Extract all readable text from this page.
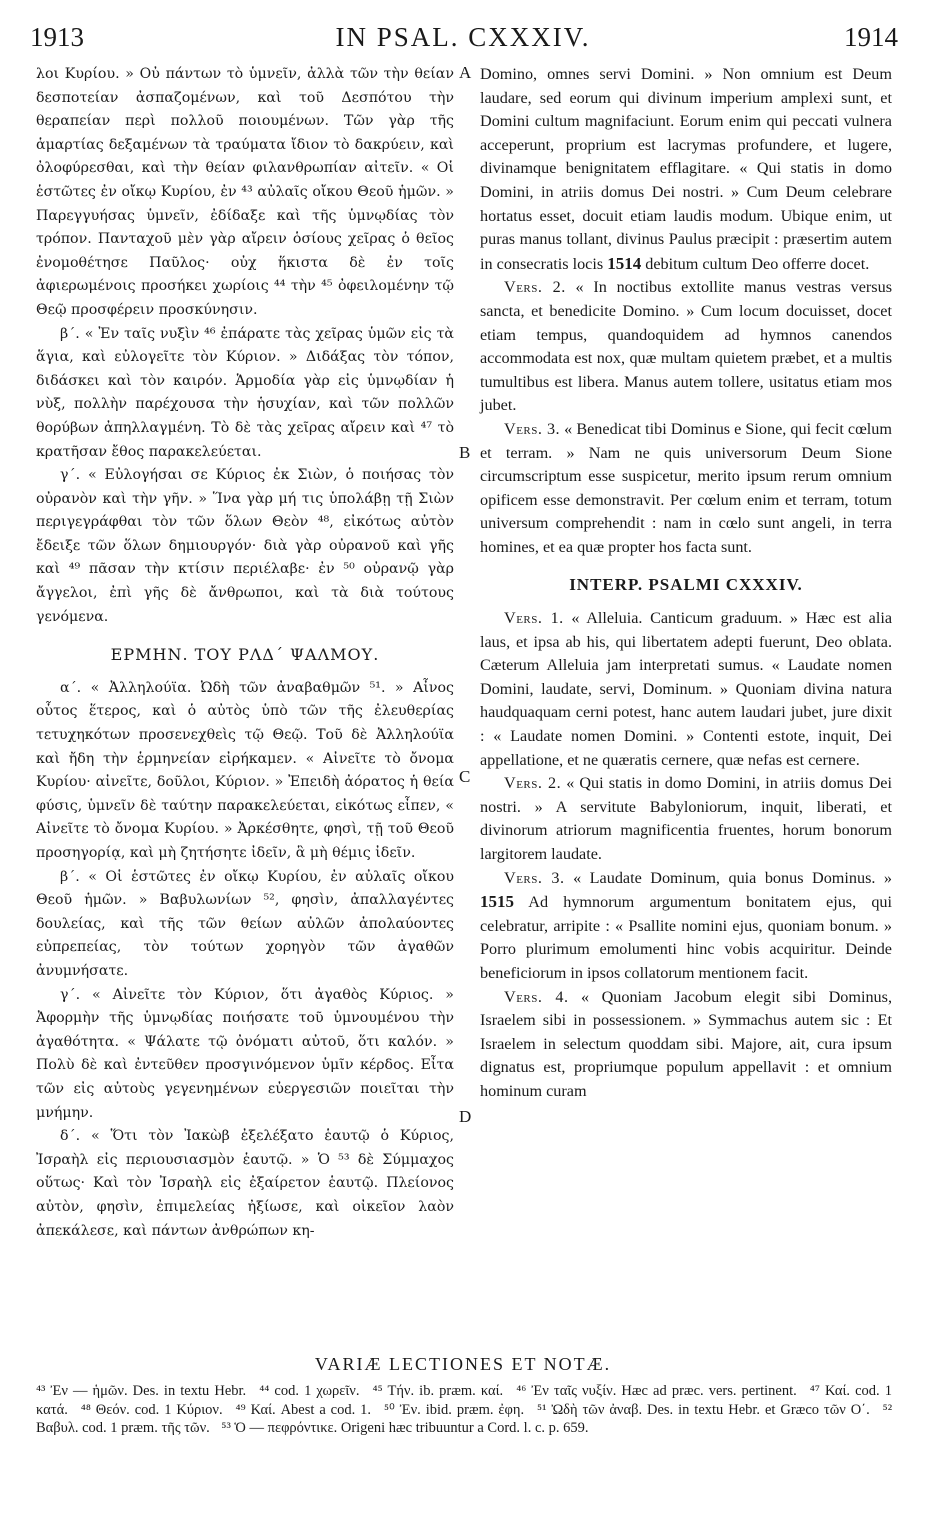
1913	IN PSAL. CXXXIV.	1914
A
B
C
D

λοι Κυρίου. » Οὐ πάντων τὸ ὑμνεῖν, ἀλλὰ τῶν τὴν θείαν δεσποτείαν ἀσπαζομένων, καὶ τοῦ Δεσπότου τὴν θεραπείαν περὶ πολλοῦ ποιουμένων. Τῶν γὰρ τῆς ἁμαρτίας δεξαμένων τὰ τραύματα ἴδιον τὸ δακρύειν, καὶ ὀλοφύρεσθαι, καὶ τὴν θείαν φιλανθρωπίαν αἰτεῖν. « Οἱ ἑστῶτες ἐν οἴκῳ Κυρίου, ἐν ⁴³ αὐλαῖς οἴκου Θεοῦ ἡμῶν. » Παρεγγυήσας ὑμνεῖν, ἐδίδαξε καὶ τῆς ὑμνῳδίας τὸν τρόπον. Πανταχοῦ μὲν γὰρ αἴρειν ὁσίους χεῖρας ὁ θεῖος ἐνομοθέτησε Παῦλος· οὐχ ἥκιστα δὲ ἐν τοῖς ἀφιερωμένοις προσήκει χωρίοις ⁴⁴ τὴν ⁴⁵ ὀφειλομένην τῷ Θεῷ προσφέρειν προσκύνησιν.

β΄. « Ἐν ταῖς νυξὶν ⁴⁶ ἐπάρατε τὰς χεῖρας ὑμῶν εἰς τὰ ἅγια, καὶ εὐλογεῖτε τὸν Κύριον. » Διδάξας τὸν τόπον, διδάσκει καὶ τὸν καιρόν. Ἁρμοδία γὰρ εἰς ὑμνῳδίαν ἡ νὺξ, πολλὴν παρέχουσα τὴν ἡσυχίαν, καὶ τῶν πολλῶν θορύβων ἀπηλλαγμένη. Τὸ δὲ τὰς χεῖρας αἴρειν καὶ ⁴⁷ τὸ κρατῆσαν ἔθος παρακελεύεται.

γ΄. « Εὐλογήσαι σε Κύριος ἐκ Σιὼν, ὁ ποιήσας τὸν οὐρανὸν καὶ τὴν γῆν. » Ἵνα γὰρ μή τις ὑπολάβῃ τῇ Σιὼν περιγεγράφθαι τὸν τῶν ὅλων Θεὸν ⁴⁸, εἰκότως αὐτὸν ἔδειξε τῶν ὅλων δημιουργόν· διὰ γὰρ οὐρανοῦ καὶ γῆς καὶ ⁴⁹ πᾶσαν τὴν κτίσιν περιέλαβε· ἐν ⁵⁰ οὐρανῷ γὰρ ἄγγελοι, ἐπὶ γῆς δὲ ἄνθρωποι, καὶ τὰ διὰ τούτους γενόμενα.

ΕΡΜΗΝ. ΤΟΥ ΡΛΔ΄ ΨΑΛΜΟΥ.

α΄. « Ἀλληλούϊα. Ὠδὴ τῶν ἀναβαθμῶν ⁵¹. » Αἶνος οὗτος ἕτερος, καὶ ὁ αὐτὸς ὑπὸ τῶν τῆς ἐλευθερίας τετυχηκότων προσενεχθεὶς τῷ Θεῷ. Τοῦ δὲ Ἀλληλούϊα καὶ ἤδη τὴν ἑρμηνείαν εἰρήκαμεν. « Αἰνεῖτε τὸ ὄνομα Κυρίου· αἰνεῖτε, δοῦλοι, Κύριον. » Ἐπειδὴ ἀόρατος ἡ θεία φύσις, ὑμνεῖν δὲ ταύτην παρακελεύεται, εἰκότως εἶπεν, « Αἰνεῖτε τὸ ὄνομα Κυρίου. » Ἀρκέσθητε, φησὶ, τῇ τοῦ Θεοῦ προσηγορίᾳ, καὶ μὴ ζητήσητε ἰδεῖν, ἃ μὴ θέμις ἰδεῖν.

β΄. « Οἱ ἑστῶτες ἐν οἴκῳ Κυρίου, ἐν αὐλαῖς οἴκου Θεοῦ ἡμῶν. » Βαβυλωνίων ⁵², φησὶν, ἀπαλλαγέντες δουλείας, καὶ τῆς τῶν θείων αὐλῶν ἀπολαύοντες εὐπρεπείας, τὸν τούτων χορηγὸν τῶν ἀγαθῶν ἀνυμνήσατε.

γ΄. « Αἰνεῖτε τὸν Κύριον, ὅτι ἀγαθὸς Κύριος. » Ἀφορμὴν τῆς ὑμνῳδίας ποιήσατε τοῦ ὑμνουμένου τὴν ἀγαθότητα. « Ψάλατε τῷ ὀνόματι αὐτοῦ, ὅτι καλόν. » Πολὺ δὲ καὶ ἐντεῦθεν προσγινόμενον ὑμῖν κέρδος. Εἶτα τῶν εἰς αὐτοὺς γεγενημένων εὐεργεσιῶν ποιεῖται τὴν μνήμην.

δ΄. « Ὅτι τὸν Ἰακὼβ ἐξελέξατο ἑαυτῷ ὁ Κύριος, Ἰσραὴλ εἰς περιουσιασμὸν ἑαυτῷ. » Ὁ ⁵³ δὲ Σύμμαχος οὕτως· Καὶ τὸν Ἰσραὴλ εἰς ἐξαίρετον ἑαυτῷ. Πλείονος αὐτὸν, φησὶν, ἐπιμελείας ἠξίωσε, καὶ οἰκεῖον λαὸν ἀπεκάλεσε, καὶ πάντων ἀνθρώπων κη-

Domino, omnes servi Domini. » Non omnium est Deum laudare, sed eorum qui divinum imperium amplexi sunt, et Domini cultum magnifaciunt. Eorum enim qui peccati vulnera acceperunt, proprium est lacrymas profundere, et lugere, divinamque benignitatem efflagitare. « Qui statis in domo Domini, in atriis domus Dei nostri. » Cum Deum celebrare hortatus esset, docuit etiam laudis modum. Ubique enim, ut puras manus tollant, divinus Paulus præcipit : præsertim autem in consecratis locis 1514 debitum cultum Deo offerre docet.

Vers. 2. « In noctibus extollite manus vestras versus sancta, et benedicite Domino. » Cum locum docuisset, docet etiam tempus, quandoquidem ad hymnos canendos accommodata est nox, quæ multam quietem præbet, et a multis tumultibus est libera. Manus autem tollere, usitatus etiam mos jubet.

Vers. 3. « Benedicat tibi Dominus e Sione, qui fecit cœlum et terram. » Nam ne quis universorum Deum Sione circumscriptum esse suspicetur, merito ipsum rerum omnium opificem esse demonstravit. Per cœlum enim et terram, totum universum comprehendit : nam in cœlo sunt angeli, in terra homines, et ea quæ propter hos facta sunt.

INTERP. PSALMI CXXXIV.

Vers. 1. « Alleluia. Canticum graduum. » Hæc est alia laus, et ipsa ab his, qui libertatem adepti fuerunt, Deo oblata. Cæterum Alleluia jam interpretati sumus. « Laudate nomen Domini, laudate, servi, Dominum. » Quoniam divina natura haudquaquam cerni potest, hanc autem laudari jubet, jure dixit : « Laudate nomen Domini. » Contenti estote, inquit, Dei appellatione, et ne quæratis cernere, quæ nefas est cernere.

Vers. 2. « Qui statis in domo Domini, in atriis domus Dei nostri. » A servitute Babyloniorum, inquit, liberati, et divinorum atriorum magnificentia fruentes, horum bonorum largitorem laudate.

Vers. 3. « Laudate Dominum, quia bonus Dominus. » 1515 Ad hymnorum argumentum bonitatem ejus, qui celebratur, arripite : « Psallite nomini ejus, quoniam bonum. » Porro plurimum emolumenti hinc vobis acquiritur. Deinde beneficiorum in ipsos collatorum mentionem facit.

Vers. 4. « Quoniam Jacobum elegit sibi Dominus, Israelem sibi in possessionem. » Symmachus autem sic : Et Israelem in selectum quoddam sibi. Majore, ait, cura ipsum dignatus est, propriumque populum appellavit : et omnium hominum curam

VARIÆ LECTIONES ET NOTÆ.
⁴³ Ἐν — ἡμῶν. Des. in textu Hebr. ⁴⁴ cod. 1 χωρεῖν. ⁴⁵ Τήν. ib. præm. καί. ⁴⁶ Ἐν ταῖς νυξίν. Hæc ad præc. vers. pertinent. ⁴⁷ Καί. cod. 1 κατά. ⁴⁸ Θεόν. cod. 1 Κύριον. ⁴⁹ Καί. Abest a cod. 1. ⁵⁰ Ἐν. ibid. præm. ἐφη. ⁵¹ Ὠδὴ τῶν ἀναβ. Des. in textu Hebr. et Græco τῶν Ο΄. ⁵² Βαβυλ. cod. 1 præm. τῆς τῶν. ⁵³ Ὁ — πεφρόντικε. Origeni hæc tribuuntur a Cord. l. c. p. 659.
